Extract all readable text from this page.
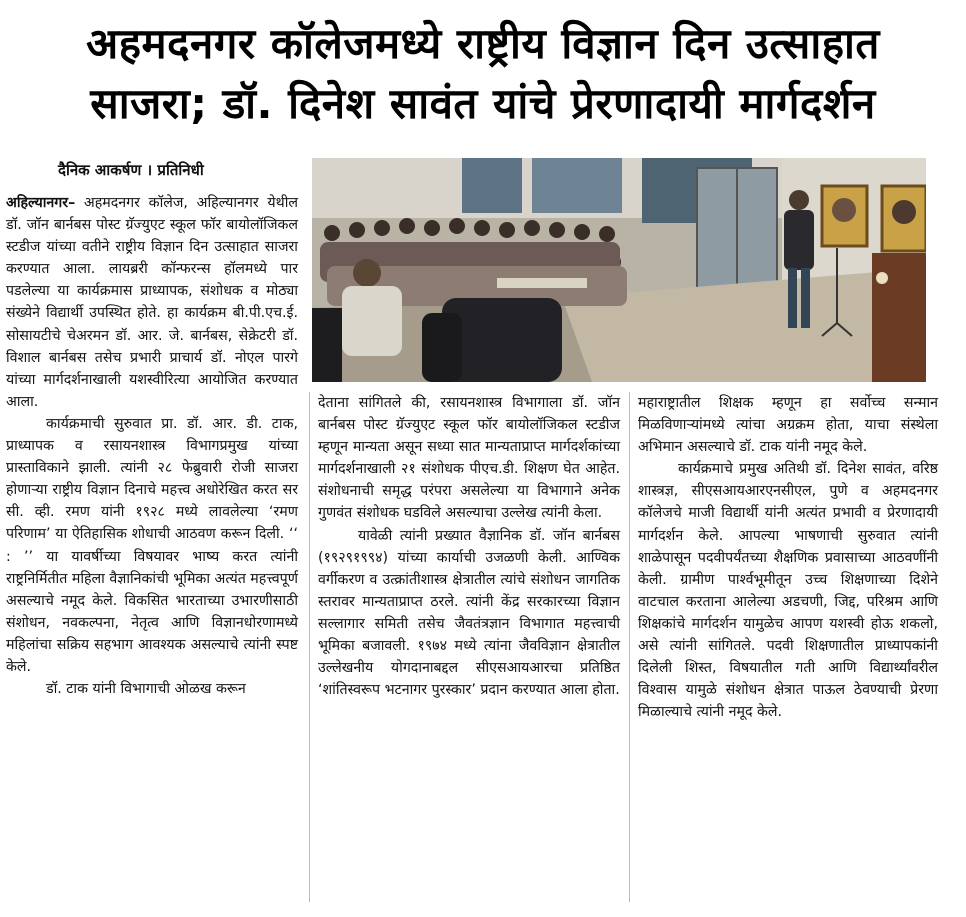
अहमदनगर कॉलेजमध्ये राष्ट्रीय विज्ञान दिन उत्साहात
साजरा; डॉ. दिनेश सावंत यांचे प्रेरणादायी मार्गदर्शन
दैनिक आकर्षण । प्रतिनिधी

अहिल्यानगर– अहमदनगर कॉलेज, अहिल्यानगर येथील डॉ. जॉन बार्नबस पोस्ट ग्रॅज्युएट स्कूल फॉर बायोलॉजिकल स्टडीज यांच्या वतीने राष्ट्रीय विज्ञान दिन उत्साहात साजरा करण्यात आला. लायब्ररी कॉन्फरन्स हॉलमध्ये पार पडलेल्या या कार्यक्रमास प्राध्यापक, संशोधक व मोठ्या संख्येने विद्यार्थी उपस्थित होते. हा कार्यक्रम बी.पी.एच.ई. सोसायटीचे चेअरमन डॉ. आर. जे. बार्नबस, सेक्रेटरी डॉ. विशाल बार्नबस तसेच प्रभारी प्राचार्य डॉ. नोएल पारगे यांच्या मार्गदर्शनाखाली यशस्वीरित्या आयोजित करण्यात आला.

कार्यक्रमाची सुरुवात प्रा. डॉ. आर. डी. टाक, प्राध्यापक व रसायनशास्त्र विभागप्रमुख यांच्या प्रास्ताविकाने झाली. त्यांनी २८ फेब्रुवारी रोजी साजरा होणाऱ्या राष्ट्रीय विज्ञान दिनाचे महत्त्व अधोरेखित करत सर सी. व्ही. रमण यांनी १९२८ मध्ये लावलेल्या ‘रमण परिणाम’ या ऐतिहासिक शोधाची आठवण करून दिली. ‘‘ : ’’ या यावर्षीच्या विषयावर भाष्य करत त्यांनी राष्ट्रनिर्मितीत महिला वैज्ञानिकांची भूमिका अत्यंत महत्त्वपूर्ण असल्याचे नमूद केले. विकसित भारताच्या उभारणीसाठी संशोधन, नवकल्पना, नेतृत्व आणि विज्ञानधोरणामध्ये महिलांचा सक्रिय सहभाग आवश्यक असल्याचे त्यांनी स्पष्ट केले.

डॉ. टाक यांनी विभागाची ओळख करून

देताना सांगितले की, रसायनशास्त्र विभागाला डॉ. जॉन बार्नबस पोस्ट ग्रॅज्युएट स्कूल फॉर बायोलॉजिकल स्टडीज म्हणून मान्यता असून सध्या सात मान्यताप्राप्त मार्गदर्शकांच्या मार्गदर्शनाखाली २१ संशोधक पीएच.डी. शिक्षण घेत आहेत. संशोधनाची समृद्ध परंपरा असलेल्या या विभागाने अनेक गुणवंत संशोधक घडविले असल्याचा उल्लेख त्यांनी केला.

यावेळी त्यांनी प्रख्यात वैज्ञानिक डॉ. जॉन बार्नबस (१९२९१९९४) यांच्या कार्याची उजळणी केली. आण्विक वर्गीकरण व उत्क्रांतीशास्त्र क्षेत्रातील त्यांचे संशोधन जागतिक स्तरावर मान्यताप्राप्त ठरले. त्यांनी केंद्र सरकारच्या विज्ञान सल्लागार समिती तसेच जैवतंत्रज्ञान विभागात महत्त्वाची भूमिका बजावली. १९७४ मध्ये त्यांना जैवविज्ञान क्षेत्रातील उल्लेखनीय योगदानाबद्दल सीएसआयआरचा प्रतिष्ठित ‘शांतिस्वरूप भटनागर पुरस्कार’ प्रदान करण्यात आला होता.

महाराष्ट्रातील शिक्षक म्हणून हा सर्वोच्च सन्मान मिळविणाऱ्यांमध्ये त्यांचा अग्रक्रम होता, याचा संस्थेला अभिमान असल्याचे डॉ. टाक यांनी नमूद केले.

कार्यक्रमाचे प्रमुख अतिथी डॉ. दिनेश सावंत, वरिष्ठ शास्त्रज्ञ, सीएसआयआरएनसीएल, पुणे व अहमदनगर कॉलेजचे माजी विद्यार्थी यांनी अत्यंत प्रभावी व प्रेरणादायी मार्गदर्शन केले. आपल्या भाषणाची सुरुवात त्यांनी शाळेपासून पदवीपर्यंतच्या शैक्षणिक प्रवासाच्या आठवणींनी केली. ग्रामीण पार्श्वभूमीतून उच्च शिक्षणाच्या दिशेने वाटचाल करताना आलेल्या अडचणी, जिद्द, परिश्रम आणि शिक्षकांचे मार्गदर्शन यामुळेच आपण यशस्वी होऊ शकलो, असे त्यांनी सांगितले. पदवी शिक्षणातील प्राध्यापकांनी दिलेली शिस्त, विषयातील गती आणि विद्यार्थ्यांवरील विश्वास यामुळे संशोधन क्षेत्रात पाऊल ठेवण्याची प्रेरणा मिळाल्याचे त्यांनी नमूद केले.
